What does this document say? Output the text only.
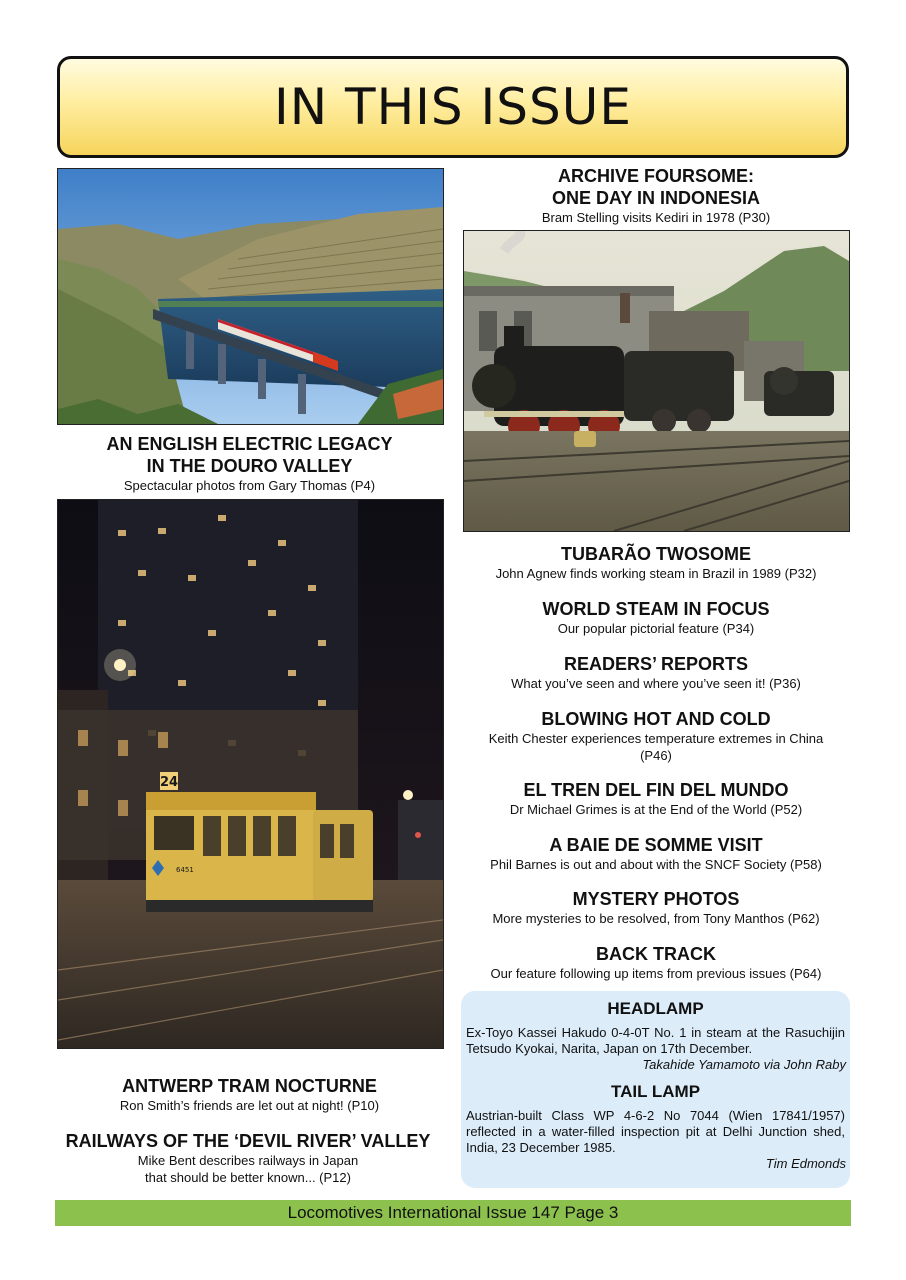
IN THIS ISSUE
AN ENGLISH ELECTRIC LEGACY
IN THE DOURO VALLEY

Spectacular photos from Gary Thomas (P4)

24
6451
ANTWERP TRAM NOCTURNE

Ron Smith’s friends are let out at night! (P10)

RAILWAYS OF THE ‘DEVIL RIVER’ VALLEY

Mike Bent describes railways in Japan

that should be better known... (P12)

ARCHIVE FOURSOME:
ONE DAY IN INDONESIA

Bram Stelling visits Kediri in 1978 (P30)

TUBARÃO TWOSOME

John Agnew finds working steam in Brazil in 1989 (P32)

WORLD STEAM IN FOCUS

Our popular pictorial feature (P34)

READERS’ REPORTS

What you’ve seen and where you’ve seen it! (P36)

BLOWING HOT AND COLD

Keith Chester experiences temperature extremes in China

(P46)

EL TREN DEL FIN DEL MUNDO

Dr Michael Grimes is at the End of the World (P52)

A BAIE DE SOMME VISIT

Phil Barnes is out and about with the SNCF Society (P58)

MYSTERY PHOTOS

More mysteries to be resolved, from Tony Manthos (P62)

BACK TRACK

Our feature following up items from previous issues (P64)

HEADLAMP
Ex-Toyo Kassei Hakudo 0-4-0T No. 1 in steam at the Rasuchijin Tetsudo Kyokai, Narita, Japan on 17th December.
Takahide Yamamoto via John Raby
TAIL LAMP
Austrian-built Class WP 4-6-2 No 7044 (Wien 17841/1957) reflected in a water-filled inspection pit at Delhi Junction shed, India, 23 December 1985.
Tim Edmonds
Locomotives International Issue 147 Page 3
